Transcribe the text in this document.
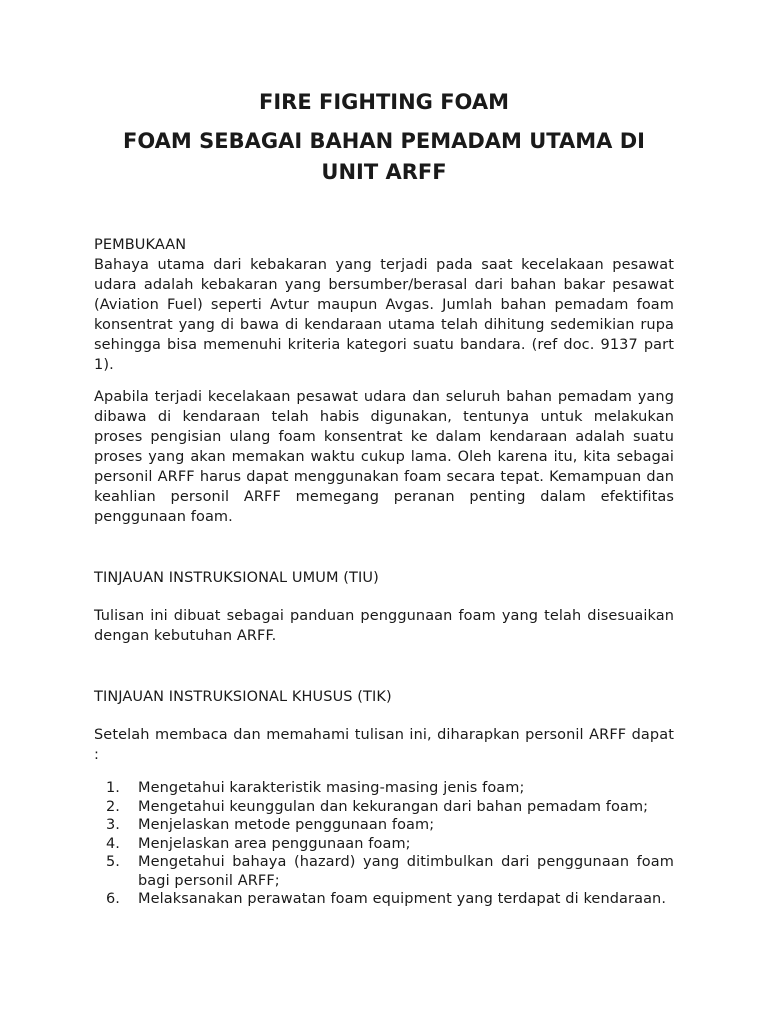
FIRE FIGHTING FOAM
FOAM SEBAGAI BAHAN PEMADAM UTAMA DI UNIT ARFF
PEMBUKAAN

Bahaya utama dari kebakaran yang terjadi pada saat kecelakaan pesawat udara adalah kebakaran yang bersumber/berasal dari bahan bakar pesawat (Aviation Fuel) seperti Avtur maupun Avgas. Jumlah bahan pemadam foam konsentrat yang di bawa di kendaraan utama telah dihitung sedemikian rupa sehingga bisa memenuhi kriteria kategori suatu bandara. (ref doc. 9137 part 1).

Apabila terjadi kecelakaan pesawat udara dan seluruh bahan pemadam yang dibawa di kendaraan telah habis digunakan, tentunya untuk melakukan proses pengisian ulang foam konsentrat ke dalam kendaraan adalah suatu proses yang akan memakan waktu cukup lama. Oleh karena itu, kita sebagai personil ARFF harus dapat menggunakan foam secara tepat. Kemampuan dan keahlian personil ARFF memegang peranan penting dalam efektifitas penggunaan foam.

TINJAUAN INSTRUKSIONAL UMUM (TIU)

Tulisan ini dibuat sebagai panduan penggunaan foam yang telah disesuaikan dengan kebutuhan ARFF.

TINJAUAN INSTRUKSIONAL KHUSUS (TIK)

Setelah membaca dan memahami tulisan ini, diharapkan personil ARFF dapat :

1.	Mengetahui karakteristik masing-masing jenis foam;
2.	Mengetahui keunggulan dan kekurangan dari bahan pemadam foam;
3.	Menjelaskan metode penggunaan foam;
4.	Menjelaskan area penggunaan foam;
5.	Mengetahui bahaya (hazard) yang ditimbulkan dari penggunaan foam bagi personil ARFF;
6.	Melaksanakan perawatan foam equipment yang terdapat di kendaraan.
